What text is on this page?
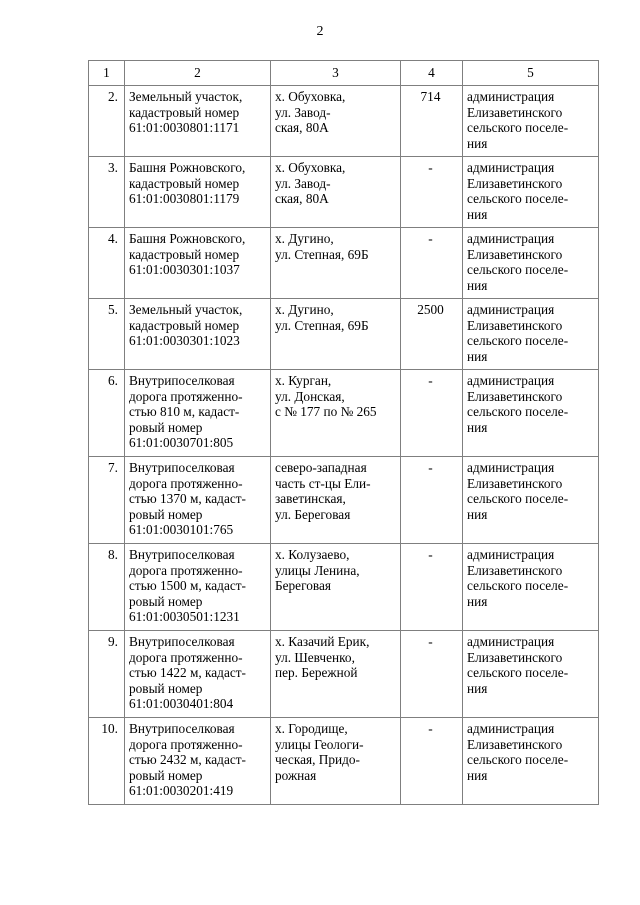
2
1	2	3	4	5
2.	Земельный участок,
кадастровый номер
61:01:0030801:1171	х. Обуховка,
ул. Завод-
ская, 80А	714	администрация
Елизаветинского
сельского поселе-
ния
3.	Башня Рожновского,
кадастровый номер
61:01:0030801:1179	х. Обуховка,
ул. Завод-
ская, 80А	-	администрация
Елизаветинского
сельского поселе-
ния
4.	Башня Рожновского,
кадастровый номер
61:01:0030301:1037	х. Дугино,
ул. Степная, 69Б	-	администрация
Елизаветинского
сельского поселе-
ния
5.	Земельный участок,
кадастровый номер
61:01:0030301:1023	х. Дугино,
ул. Степная, 69Б	2500	администрация
Елизаветинского
сельского поселе-
ния
6.	Внутрипоселковая
дорога протяженно-
стью 810 м, кадаст-
ровый номер
61:01:0030701:805	х. Курган,
ул. Донская,
с № 177 по № 265	-	администрация
Елизаветинского
сельского поселе-
ния
7.	Внутрипоселковая
дорога протяженно-
стью 1370 м, кадаст-
ровый номер
61:01:0030101:765	северо-западная
часть ст-цы Ели-
заветинская,
ул. Береговая	-	администрация
Елизаветинского
сельского поселе-
ния
8.	Внутрипоселковая
дорога протяженно-
стью 1500 м, кадаст-
ровый номер
61:01:0030501:1231	х. Колузаево,
улицы Ленина,
Береговая	-	администрация
Елизаветинского
сельского поселе-
ния
9.	Внутрипоселковая
дорога протяженно-
стью 1422 м, кадаст-
ровый номер
61:01:0030401:804	х. Казачий Ерик,
ул. Шевченко,
пер. Бережной	-	администрация
Елизаветинского
сельского поселе-
ния
10.	Внутрипоселковая
дорога протяженно-
стью 2432 м, кадаст-
ровый номер
61:01:0030201:419	х. Городище,
улицы Геологи-
ческая, Придо-
рожная	-	администрация
Елизаветинского
сельского поселе-
ния
